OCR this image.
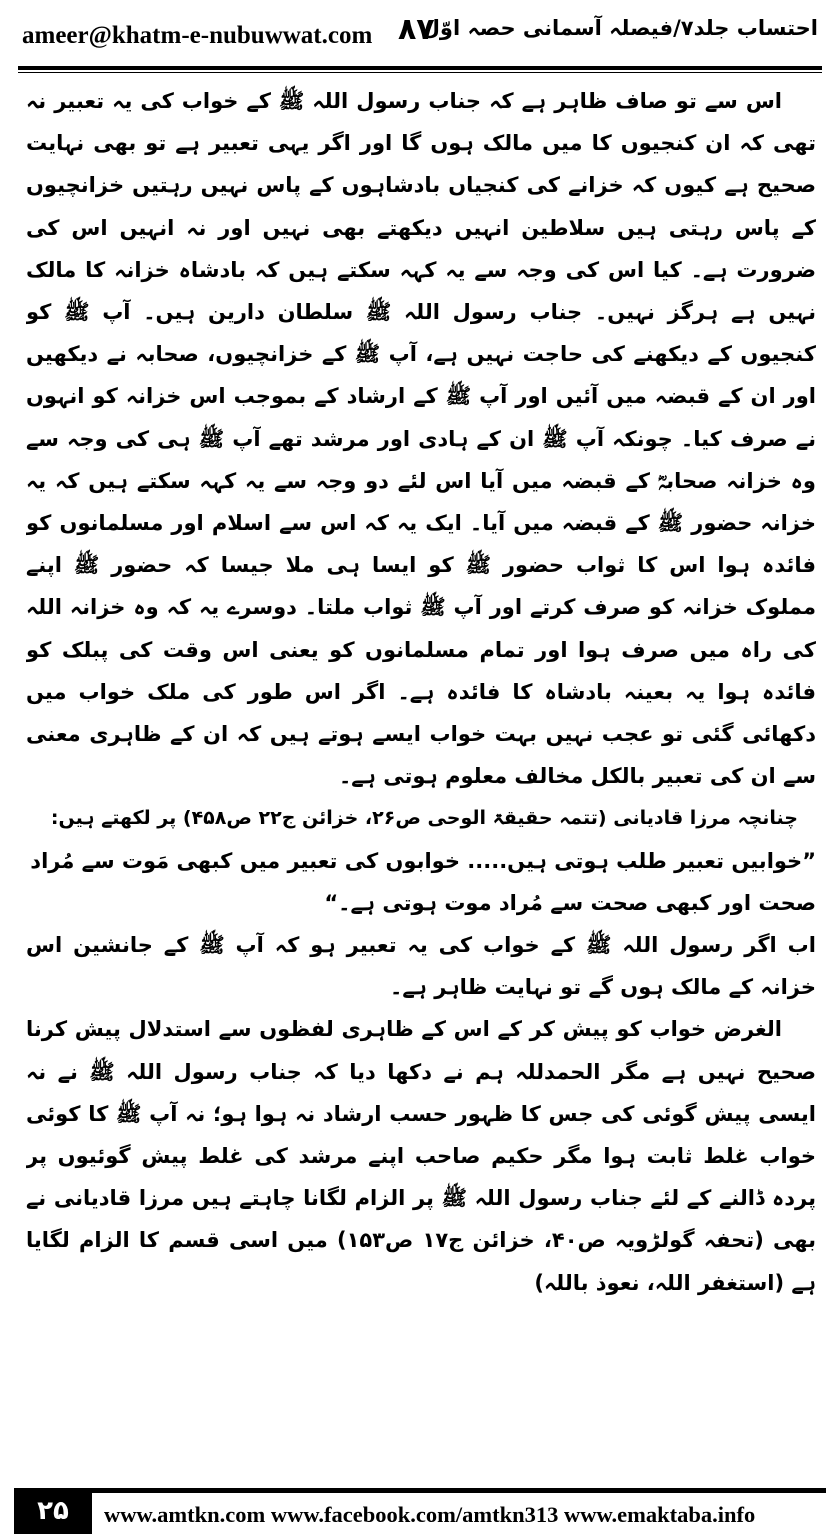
ameer@khatm-e-nubuwwat.com ۸۷
احتساب جلد۷/فیصلہ آسمانی حصہ اوّل

اس سے تو صاف ظاہر ہے کہ جناب رسول اللہ ﷺ کے خواب کی یہ تعبیر نہ تھی کہ ان کنجیوں کا میں مالک ہوں گا اور اگر یہی تعبیر ہے تو بھی نہایت صحیح ہے کیوں کہ خزانے کی کنجیاں بادشاہوں کے پاس نہیں رہتیں خزانچیوں کے پاس رہتی ہیں سلاطین انہیں دیکھتے بھی نہیں اور نہ انہیں اس کی ضرورت ہے۔ کیا اس کی وجہ سے یہ کہہ سکتے ہیں کہ بادشاہ خزانہ کا مالک نہیں ہے ہرگز نہیں۔ جناب رسول اللہ ﷺ سلطان دارین ہیں۔ آپ ﷺ کو کنجیوں کے دیکھنے کی حاجت نہیں ہے، آپ ﷺ کے خزانچیوں، صحابہ نے دیکھیں اور ان کے قبضہ میں آئیں اور آپ ﷺ کے ارشاد کے بموجب اس خزانہ کو انہوں نے صرف کیا۔ چونکہ آپ ﷺ ان کے ہادی اور مرشد تھے آپ ﷺ ہی کی وجہ سے وہ خزانہ صحابہؓ کے قبضہ میں آیا اس لئے دو وجہ سے یہ کہہ سکتے ہیں کہ یہ خزانہ حضور ﷺ کے قبضہ میں آیا۔ ایک یہ کہ اس سے اسلام اور مسلمانوں کو فائدہ ہوا اس کا ثواب حضور ﷺ کو ایسا ہی ملا جیسا کہ حضور ﷺ اپنے مملوک خزانہ کو صرف کرتے اور آپ ﷺ ثواب ملتا۔ دوسرے یہ کہ وہ خزانہ اللہ کی راہ میں صرف ہوا اور تمام مسلمانوں کو یعنی اس وقت کی پبلک کو فائدہ ہوا یہ بعینہ بادشاہ کا فائدہ ہے۔ اگر اس طور کی ملک خواب میں دکھائی گئی تو عجب نہیں بہت خواب ایسے ہوتے ہیں کہ ان کے ظاہری معنی سے ان کی تعبیر بالکل مخالف معلوم ہوتی ہے۔

چنانچہ مرزا قادیانی (تتمہ حقیقۃ الوحی ص۲۶، خزائن ج۲۲ ص۴۵۸) پر لکھتے ہیں:

”خوابیں تعبیر طلب ہوتی ہیں..... خوابوں کی تعبیر میں کبھی مَوت سے مُراد صحت اور کبھی صحت سے مُراد موت ہوتی ہے۔“

اب اگر رسول اللہ ﷺ کے خواب کی یہ تعبیر ہو کہ آپ ﷺ کے جانشین اس خزانہ کے مالک ہوں گے تو نہایت ظاہر ہے۔

الغرض خواب کو پیش کر کے اس کے ظاہری لفظوں سے استدلال پیش کرنا صحیح نہیں ہے مگر الحمدللہ ہم نے دکھا دیا کہ جناب رسول اللہ ﷺ نے نہ ایسی پیش گوئی کی جس کا ظہور حسب ارشاد نہ ہوا ہو؛ نہ آپ ﷺ کا کوئی خواب غلط ثابت ہوا مگر حکیم صاحب اپنے مرشد کی غلط پیش گوئیوں پر پردہ ڈالنے کے لئے جناب رسول اللہ ﷺ پر الزام لگانا چاہتے ہیں مرزا قادیانی نے بھی (تحفہ گولڑویہ ص۴۰، خزائن ج۱۷ ص۱۵۳) میں اسی قسم کا الزام لگایا ہے (استغفر اللہ، نعوذ باللہ)

۲۵	www.amtkn.com www.facebook.com/amtkn313 www.emaktaba.info
